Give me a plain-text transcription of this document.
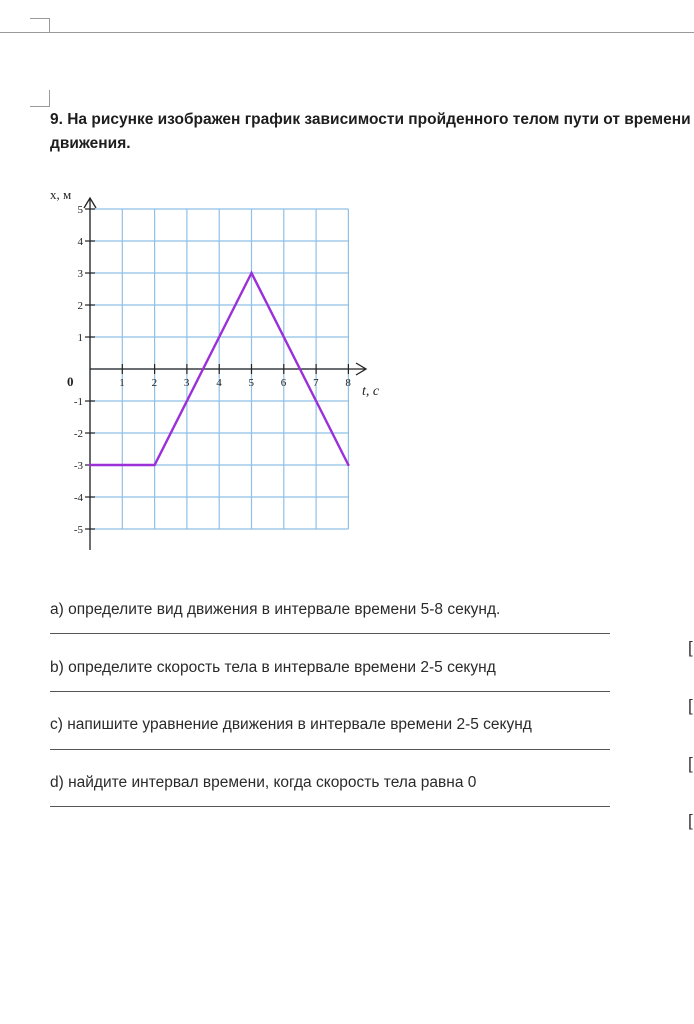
9. На рисунке изображен график зависимости пройденного телом пути от времени
движения.
1 2 3 4 5 6 7 8
5
4
3
2
1
-1
-2
-3
-4
-5
x, м
t, с
0
a) определите вид движения в интервале времени 5-8 секунд.
[
b) определите скорость тела в интервале времени 2-5 секунд
[
c) напишите уравнение движения в интервале времени 2-5 секунд
[
d) найдите интервал времени, когда скорость тела равна 0
[
